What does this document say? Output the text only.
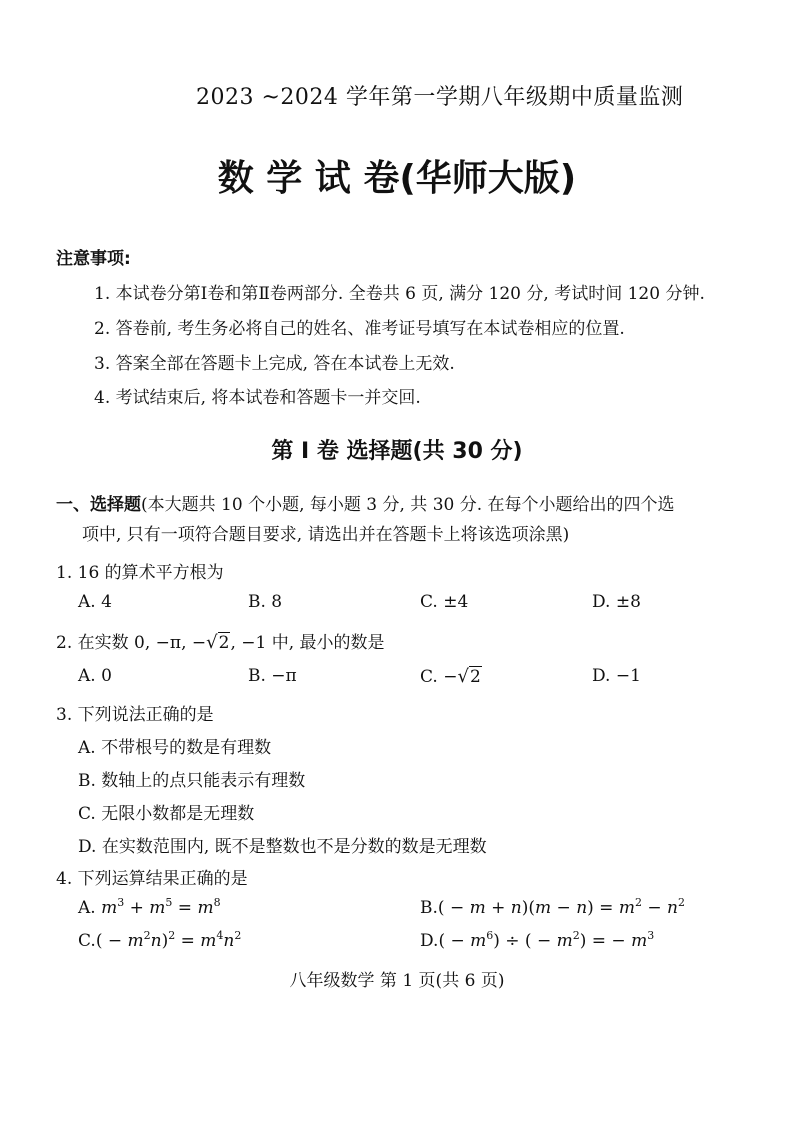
2023 ~2024 学年第一学期八年级期中质量监测
数 学 试 卷(华师大版)
注意事项:
1. 本试卷分第Ⅰ卷和第Ⅱ卷两部分. 全卷共 6 页, 满分 120 分, 考试时间 120 分钟.
2. 答卷前, 考生务必将自己的姓名、准考证号填写在本试卷相应的位置.
3. 答案全部在答题卡上完成, 答在本试卷上无效.
4. 考试结束后, 将本试卷和答题卡一并交回.
第 Ⅰ 卷 选择题(共 30 分)
一、选择题(本大题共 10 个小题, 每小题 3 分, 共 30 分. 在每个小题给出的四个选
项中, 只有一项符合题目要求, 请选出并在答题卡上将该选项涂黑)
1. 16 的算术平方根为
A. 4	B. 8	C. ±4	D. ±8
2. 在实数 0, −π, −√2, −1 中, 最小的数是
A. 0	B. −π	C. −√2	D. −1
3. 下列说法正确的是
A. 不带根号的数是有理数
B. 数轴上的点只能表示有理数
C. 无限小数都是无理数
D. 在实数范围内, 既不是整数也不是分数的数是无理数
4. 下列运算结果正确的是
A. $m^3 + m^5 = m^8$	$B.( - m + n)(m - n) = m^2 - n^2$
$C.( - m^2n)^2 = m^4n^2$	$D.( - m^6)$ ÷ ( − $m^2$) = − $m^3$
八年级数学 第 1 页(共 6 页)
